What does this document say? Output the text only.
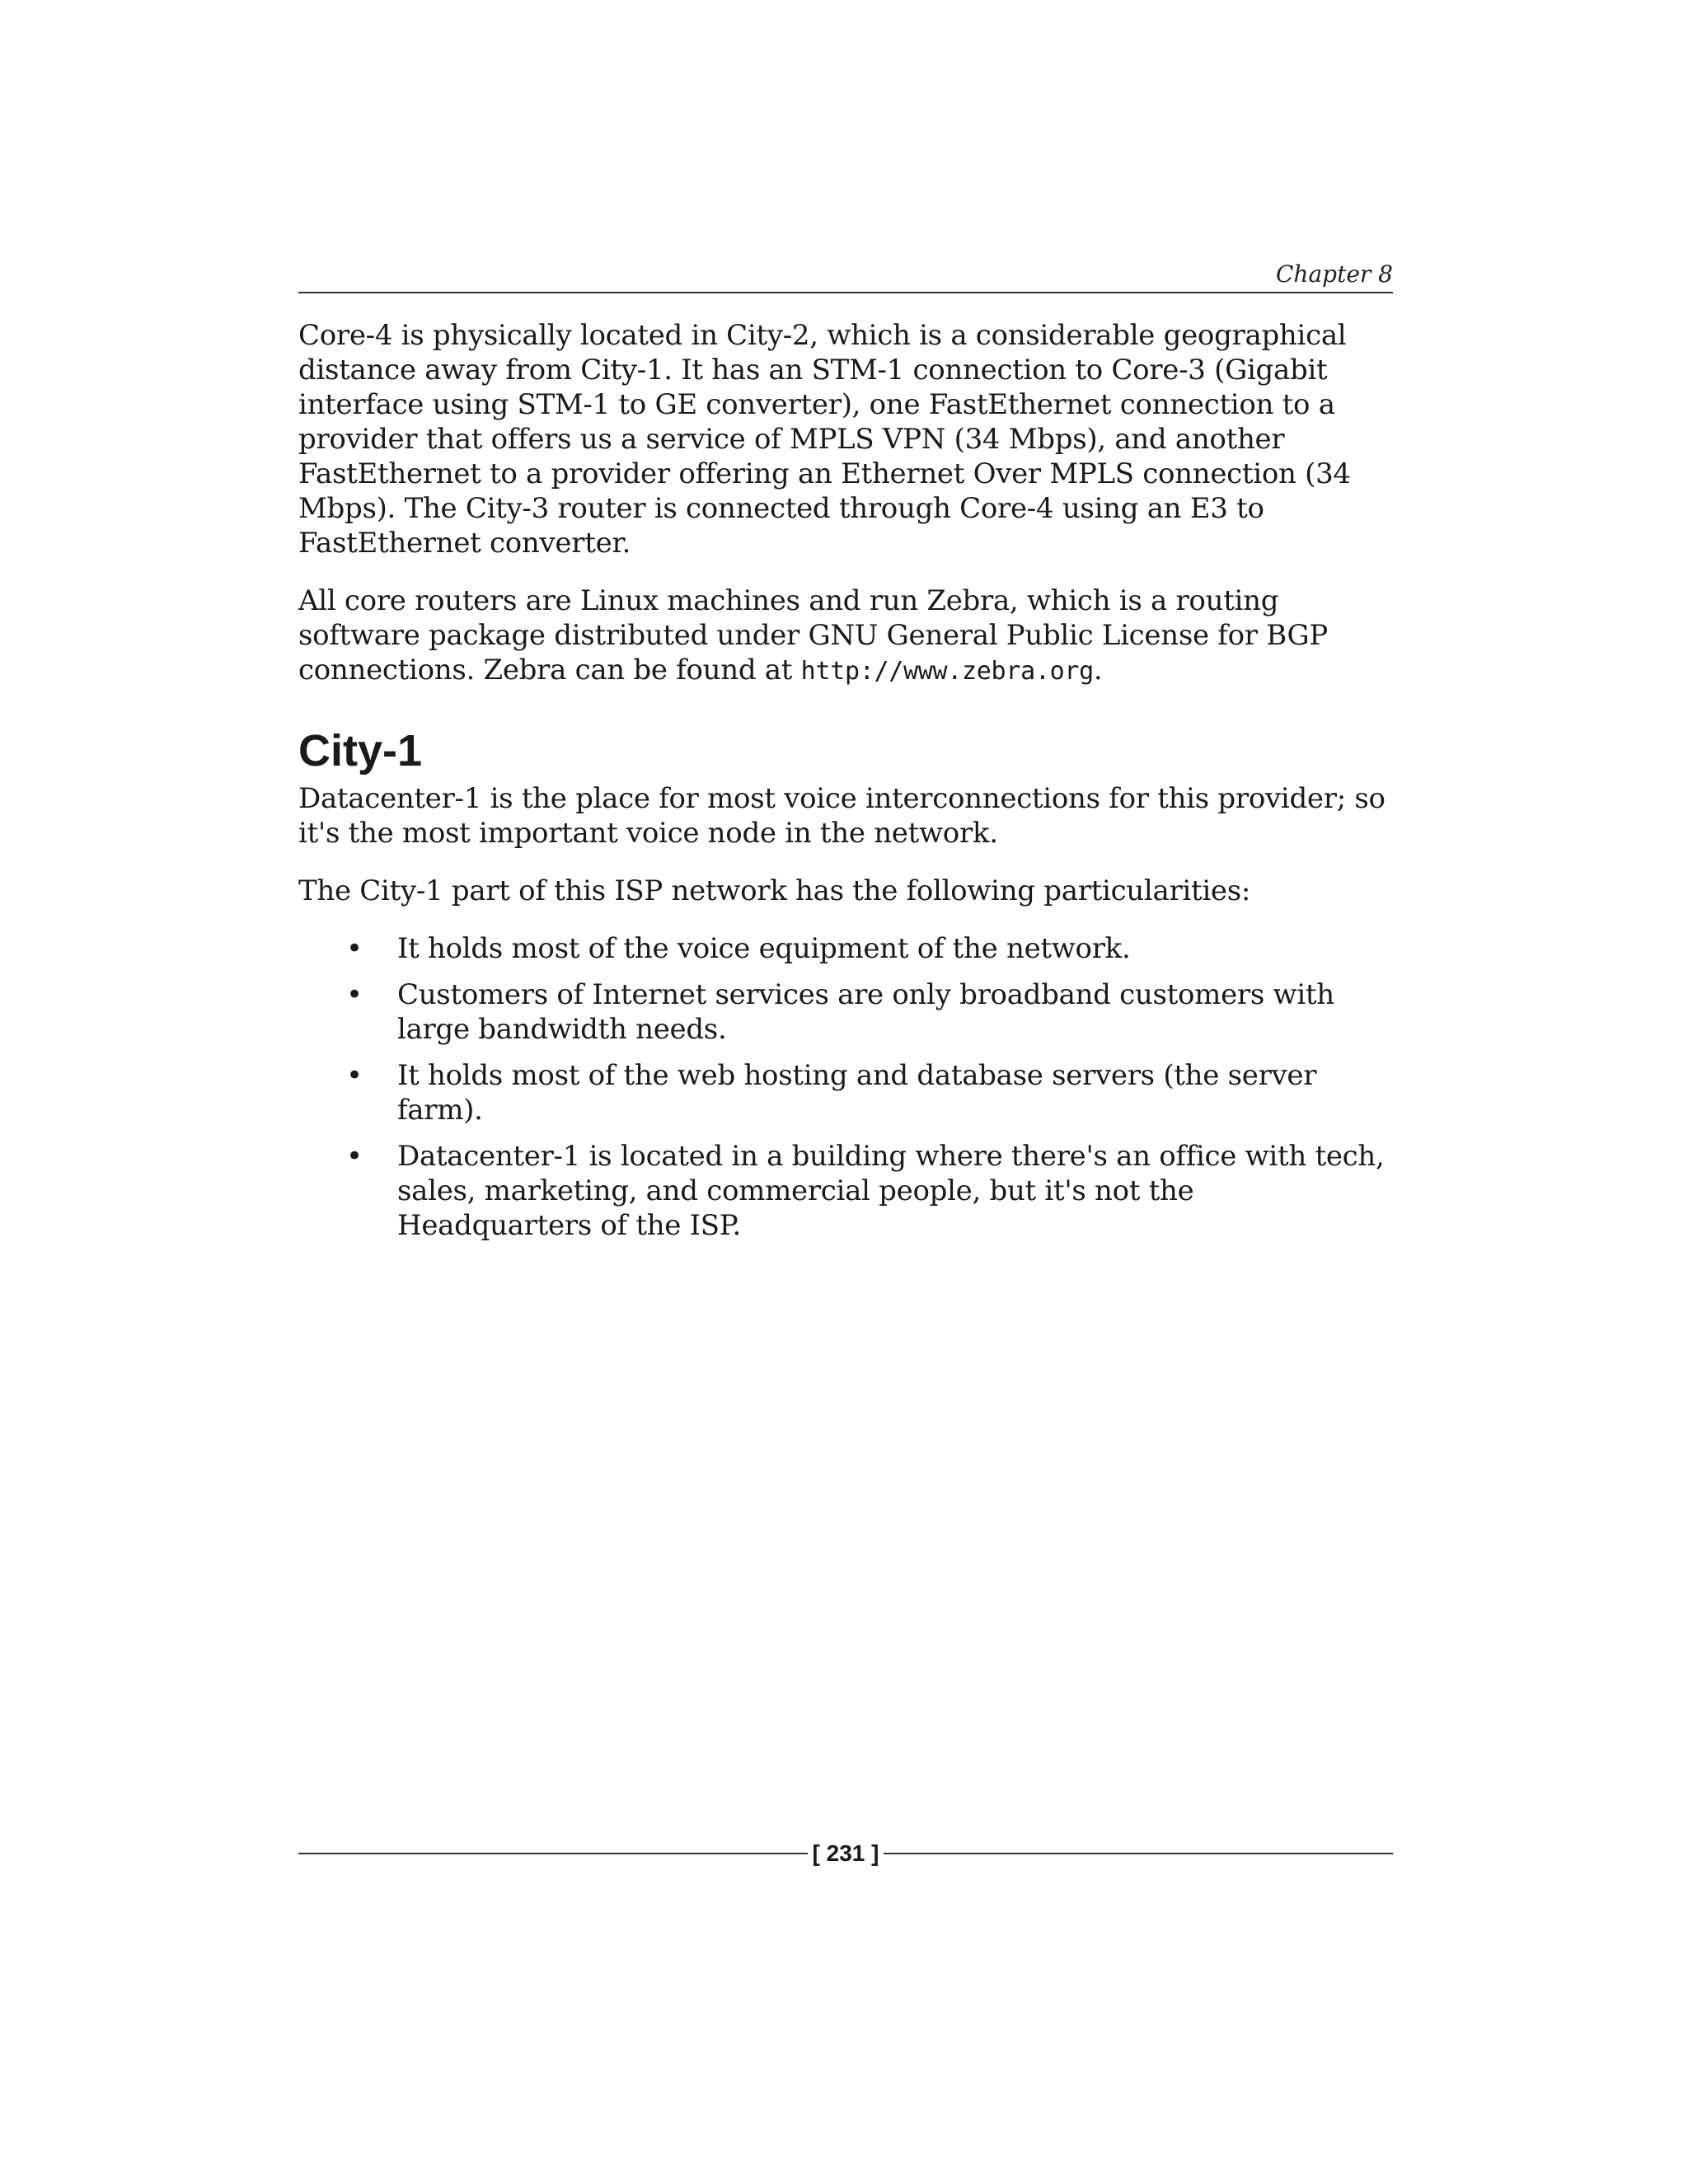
Chapter 8

Core-4 is physically located in City-2, which is a considerable geographical distance away from City-1. It has an STM-1 connection to Core-3 (Gigabit interface using STM-1 to GE converter), one FastEthernet connection to a provider that offers us a service of MPLS VPN (34 Mbps), and another FastEthernet to a provider offering an Ethernet Over MPLS connection (34 Mbps). The City-3 router is connected through Core-4 using an E3 to FastEthernet converter.

All core routers are Linux machines and run Zebra, which is a routing software package distributed under GNU General Public License for BGP connections. Zebra can be found at http://www.zebra.org.

City-1

Datacenter-1 is the place for most voice interconnections for this provider; so it's the most important voice node in the network.

The City-1 part of this ISP network has the following particularities:

• It holds most of the voice equipment of the network.
• Customers of Internet services are only broadband customers with large bandwidth needs.
• It holds most of the web hosting and database servers (the server farm).
• Datacenter-1 is located in a building where there's an office with tech, sales, marketing, and commercial people, but it's not the Headquarters of the ISP.
[ 231 ]
